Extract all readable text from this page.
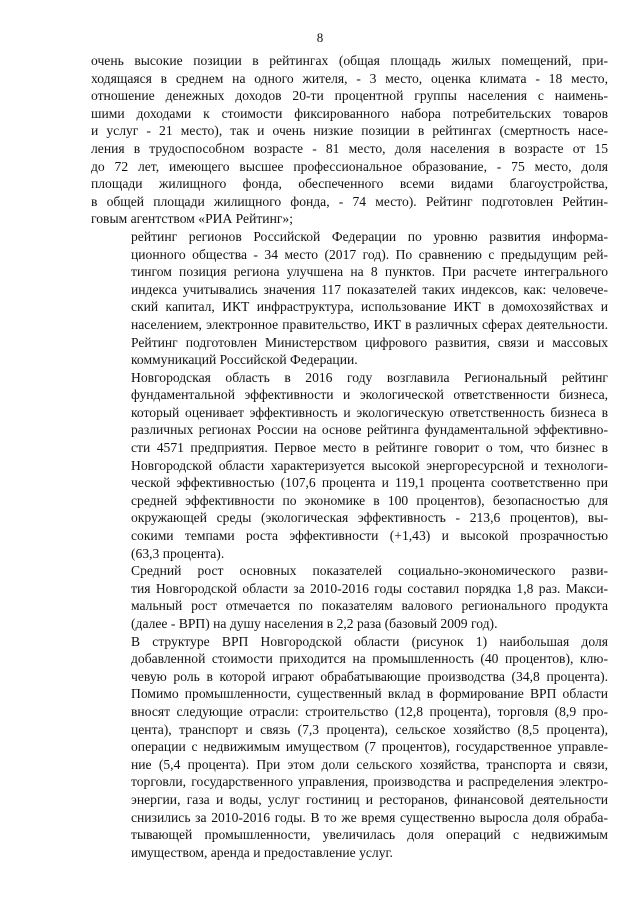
8

очень высокие позиции в рейтингах (общая площадь жилых помещений, при-
ходящаяся в среднем на одного жителя, - 3 место, оценка климата - 18 место,
отношение денежных доходов 20-ти процентной группы населения с наимень-
шими доходами к стоимости фиксированного набора потребительских товаров
и услуг - 21 место), так и очень низкие позиции в рейтингах (смертность насе-
ления в трудоспособном возрасте - 81 место, доля населения в возрасте от 15
до 72 лет, имеющего высшее профессиональное образование, - 75 место, доля
площади жилищного фонда, обеспеченного всеми видами благоустройства,
в общей площади жилищного фонда, - 74 место). Рейтинг подготовлен Рейтин-
говым агентством «РИА Рейтинг»;

рейтинг регионов Российской Федерации по уровню развития информа-
ционного общества - 34 место (2017 год). По сравнению с предыдущим рей-
тингом позиция региона улучшена на 8 пунктов. При расчете интегрального
индекса учитывались значения 117 показателей таких индексов, как: человече-
ский капитал, ИКТ инфраструктура, использование ИКТ в домохозяйствах и
населением, электронное правительство, ИКТ в различных сферах деятельности.
Рейтинг подготовлен Министерством цифрового развития, связи и массовых
коммуникаций Российской Федерации.

Новгородская область в 2016 году возглавила Региональный рейтинг
фундаментальной эффективности и экологической ответственности бизнеса,
который оценивает эффективность и экологическую ответственность бизнеса в
различных регионах России на основе рейтинга фундаментальной эффективно-
сти 4571 предприятия. Первое место в рейтинге говорит о том, что бизнес в
Новгородской области характеризуется высокой энергоресурсной и технологи-
ческой эффективностью (107,6 процента и 119,1 процента соответственно при
средней эффективности по экономике в 100 процентов), безопасностью для
окружающей среды (экологическая эффективность - 213,6 процентов), вы-
сокими темпами роста эффективности (+1,43) и высокой прозрачностью
(63,3 процента).

Средний рост основных показателей социально-экономического разви-
тия Новгородской области за 2010-2016 годы составил порядка 1,8 раз. Макси-
мальный рост отмечается по показателям валового регионального продукта
(далее - ВРП) на душу населения в 2,2 раза (базовый 2009 год).

В структуре ВРП Новгородской области (рисунок 1) наибольшая доля
добавленной стоимости приходится на промышленность (40 процентов), клю-
чевую роль в которой играют обрабатывающие производства (34,8 процента).
Помимо промышленности, существенный вклад в формирование ВРП области
вносят следующие отрасли: строительство (12,8 процента), торговля (8,9 про-
цента), транспорт и связь (7,3 процента), сельское хозяйство (8,5 процента),
операции с недвижимым имуществом (7 процентов), государственное управле-
ние (5,4 процента). При этом доли сельского хозяйства, транспорта и связи,
торговли, государственного управления, производства и распределения электро-
энергии, газа и воды, услуг гостиниц и ресторанов, финансовой деятельности
снизились за 2010-2016 годы. В то же время существенно выросла доля обраба-
тывающей промышленности, увеличилась доля операций с недвижимым
имуществом, аренда и предоставление услуг.
